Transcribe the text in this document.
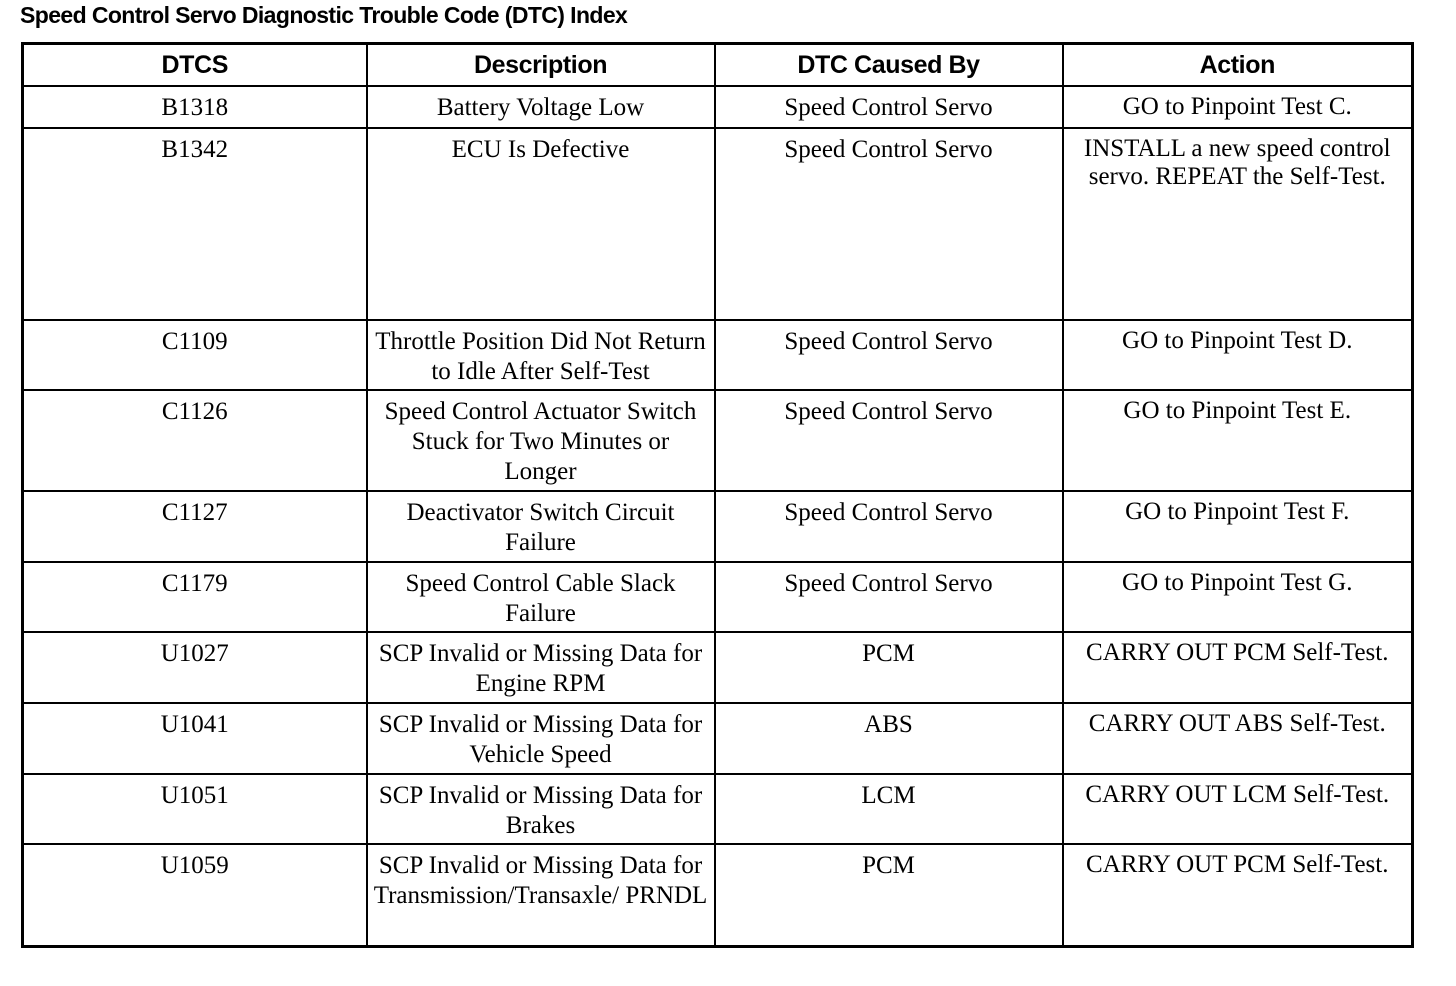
Speed Control Servo Diagnostic Trouble Code (DTC) Index
DTCS	Description	DTC Caused By	Action
B1318	Battery Voltage Low	Speed Control Servo	GO to Pinpoint Test C.
B1342	ECU Is Defective	Speed Control Servo	INSTALL a new speed control servo. REPEAT the Self-Test.
C1109	Throttle Position Did Not Return to Idle After Self-Test	Speed Control Servo	GO to Pinpoint Test D.
C1126	Speed Control Actuator Switch Stuck for Two Minutes or Longer	Speed Control Servo	GO to Pinpoint Test E.
C1127	Deactivator Switch Circuit Failure	Speed Control Servo	GO to Pinpoint Test F.
C1179	Speed Control Cable Slack Failure	Speed Control Servo	GO to Pinpoint Test G.
U1027	SCP Invalid or Missing Data for Engine RPM	PCM	CARRY OUT PCM Self-Test.
U1041	SCP Invalid or Missing Data for Vehicle Speed	ABS	CARRY OUT ABS Self-Test.
U1051	SCP Invalid or Missing Data for Brakes	LCM	CARRY OUT LCM Self-Test.
U1059	SCP Invalid or Missing Data for Transmission/Transaxle/ PRNDL	PCM	CARRY OUT PCM Self-Test.
